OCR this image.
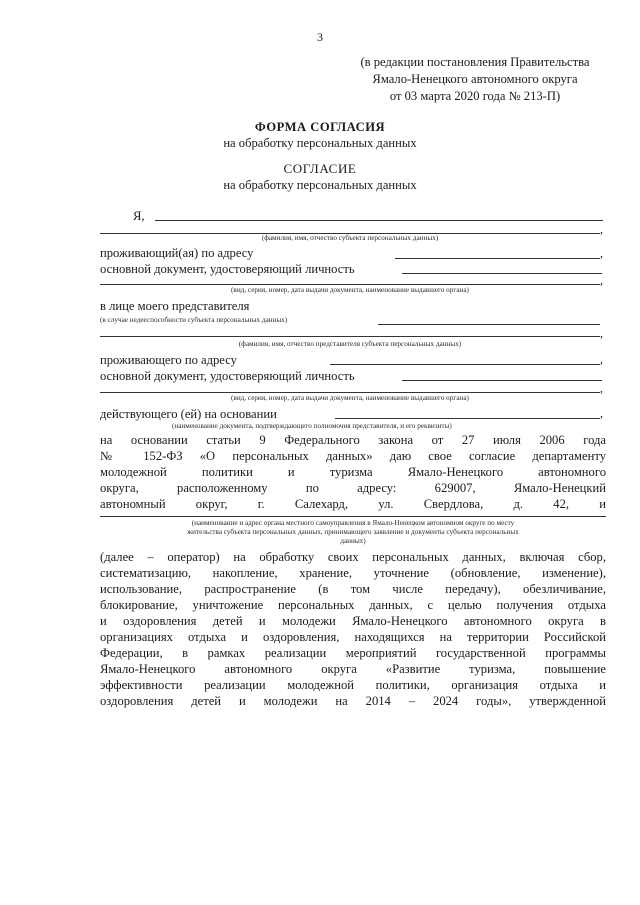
3
(в редакции постановления Правительства
Ямало-Ненецкого автономного округа
от 03 марта 2020 года № 213-П)
ФОРМА СОГЛАСИЯ
на обработку персональных данных
СОГЛАСИЕ
на обработку персональных данных
Я,
,
(фамилия, имя, отчество субъекта персональных данных)
проживающий(ая) по адресу	,
основной документ, удостоверяющий личность
,
(вид, серия, номер, дата выдачи документа, наименование выдавшего органа)
в лице моего представителя
(в случае недееспособности субъекта персональных данных)
,
(фамилия, имя, отчество представителя субъекта персональных данных)
проживающего по адресу	,
основной документ, удостоверяющий личность
,
(вид, серия, номер, дата выдачи документа, наименование выдавшего органа)
действующего (ей) на основании	,
(наименование документа, подтверждающего полномочия представителя, и его реквизиты)
на основании статьи 9 Федерального закона от 27 июля 2006 года
№ 152-ФЗ «О персональных данных» даю свое согласие департаменту
молодежной политики и туризма Ямало-Ненецкого автономного
округа, расположенному по адресу: 629007, Ямало-Ненецкий
автономный округ, г. Салехард, ул. Свердлова, д. 42, и
(наименование и адрес органа местного самоуправления в Ямало-Ненецком автономном округе по месту
жительства субъекта персональных данных, принимающего заявление и документы субъекта персональных
данных)
(далее – оператор) на обработку своих персональных данных, включая сбор,
систематизацию, накопление, хранение, уточнение (обновление, изменение),
использование, распространение (в том числе передачу), обезличивание,
блокирование, уничтожение персональных данных, с целью получения отдыха
и оздоровления детей и молодежи Ямало-Ненецкого автономного округа в
организациях отдыха и оздоровления, находящихся на территории Российской
Федерации, в рамках реализации мероприятий государственной программы
Ямало-Ненецкого автономного округа «Развитие туризма, повышение
эффективности реализации молодежной политики, организация отдыха и
оздоровления детей и молодежи на 2014 – 2024 годы», утвержденной
